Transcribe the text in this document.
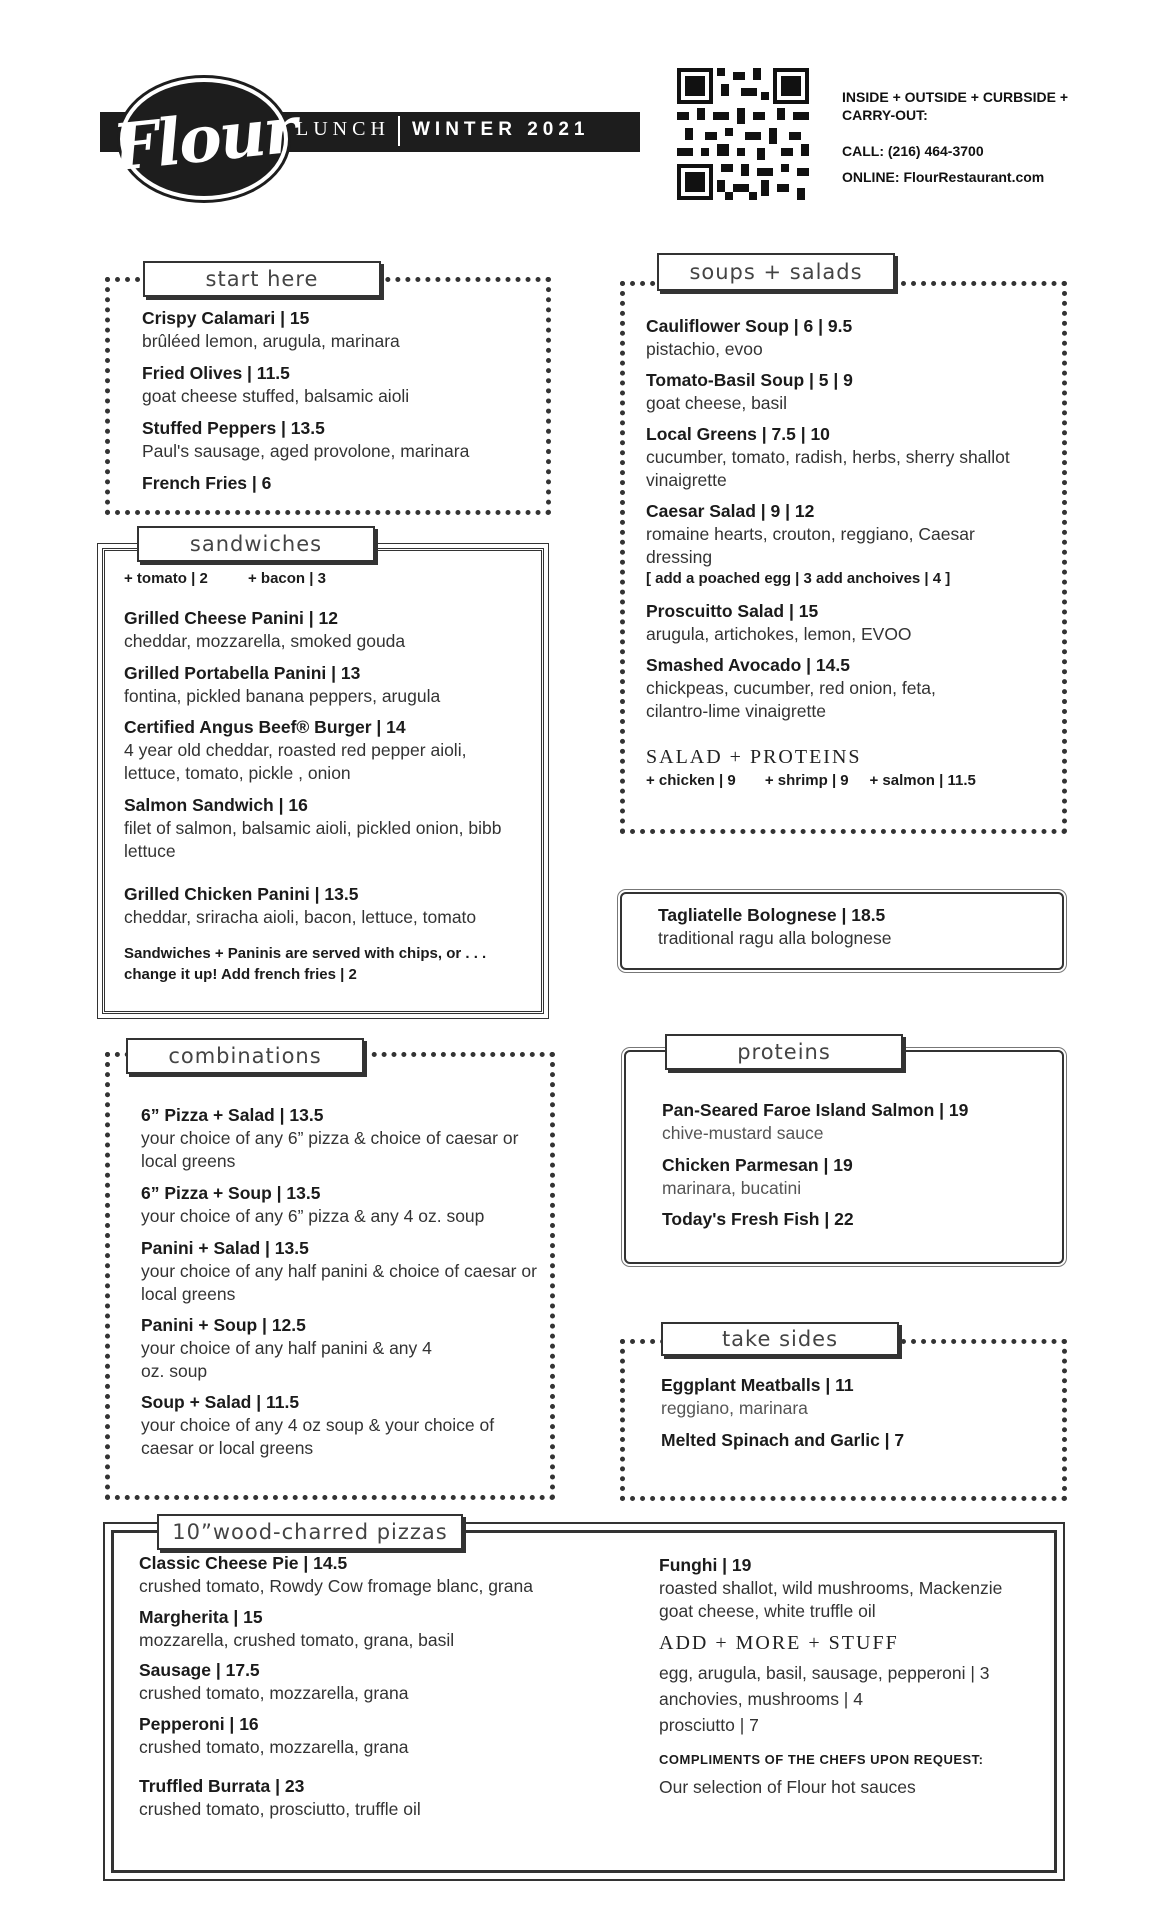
Flour
LUNCH WINTER 2021
INSIDE + OUTSIDE + CURBSIDE + CARRY-OUT:
CALL: (216) 464-3700
ONLINE: FlourRestaurant.com
start here
Crispy Calamari | 15
brûléed lemon, arugula, marinara
Fried Olives | 11.5
goat cheese stuffed, balsamic aioli
Stuffed Peppers | 13.5
Paul's sausage, aged provolone, marinara
French Fries | 6
sandwiches
+ tomato | 2	+ bacon | 3
Grilled Cheese Panini | 12
cheddar, mozzarella, smoked gouda
Grilled Portabella Panini | 13
fontina, pickled banana peppers, arugula
Certified Angus Beef® Burger | 14
4 year old cheddar, roasted red pepper aioli, lettuce, tomato, pickle , onion
Salmon Sandwich | 16
filet of salmon, balsamic aioli, pickled onion, bibb lettuce
Grilled Chicken Panini | 13.5
cheddar, sriracha aioli, bacon, lettuce, tomato
Sandwiches + Paninis are served with chips, or . . . change it up! Add french fries | 2
combinations
6” Pizza + Salad | 13.5
your choice of any 6” pizza & choice of caesar or local greens
6” Pizza + Soup | 13.5
your choice of any 6” pizza & any 4 oz. soup
Panini + Salad | 13.5
your choice of any half panini & choice of caesar or local greens
Panini + Soup | 12.5
your choice of any half panini & any 4 oz. soup
Soup + Salad | 11.5
your choice of any 4 oz soup & your choice of caesar or local greens
soups + salads
Cauliflower Soup | 6 | 9.5
pistachio, evoo
Tomato-Basil Soup | 5 | 9
goat cheese, basil
Local Greens | 7.5 | 10
cucumber, tomato, radish, herbs, sherry shallot vinaigrette
Caesar Salad | 9 | 12
romaine hearts, crouton, reggiano, Caesar dressing
[ add a poached egg | 3 add anchoives | 4 ]
Proscuitto Salad | 15
arugula, artichokes, lemon, EVOO
Smashed Avocado | 14.5
chickpeas, cucumber, red onion, feta, cilantro-lime vinaigrette
SALAD + PROTEINS
+ chicken | 9       + shrimp | 9     + salmon | 11.5
Tagliatelle Bolognese | 18.5
traditional ragu alla bolognese
proteins
Pan-Seared Faroe Island Salmon | 19
chive-mustard sauce
Chicken Parmesan | 19
marinara, bucatini
Today's Fresh Fish | 22
take sides
Eggplant Meatballs | 11
reggiano, marinara
Melted Spinach and Garlic | 7
10”wood-charred pizzas
Classic Cheese Pie | 14.5
crushed tomato, Rowdy Cow fromage blanc, grana
Margherita | 15
mozzarella, crushed tomato, grana, basil
Sausage | 17.5
crushed tomato, mozzarella, grana
Pepperoni | 16
crushed tomato, mozzarella, grana
Truffled Burrata | 23
crushed tomato, prosciutto, truffle oil
Funghi | 19
roasted shallot, wild mushrooms, Mackenzie goat cheese, white truffle oil
ADD + MORE + STUFF
egg, arugula, basil, sausage, pepperoni | 3
anchovies, mushrooms | 4
prosciutto | 7
COMPLIMENTS OF THE CHEFS UPON REQUEST:
Our selection of Flour hot sauces
